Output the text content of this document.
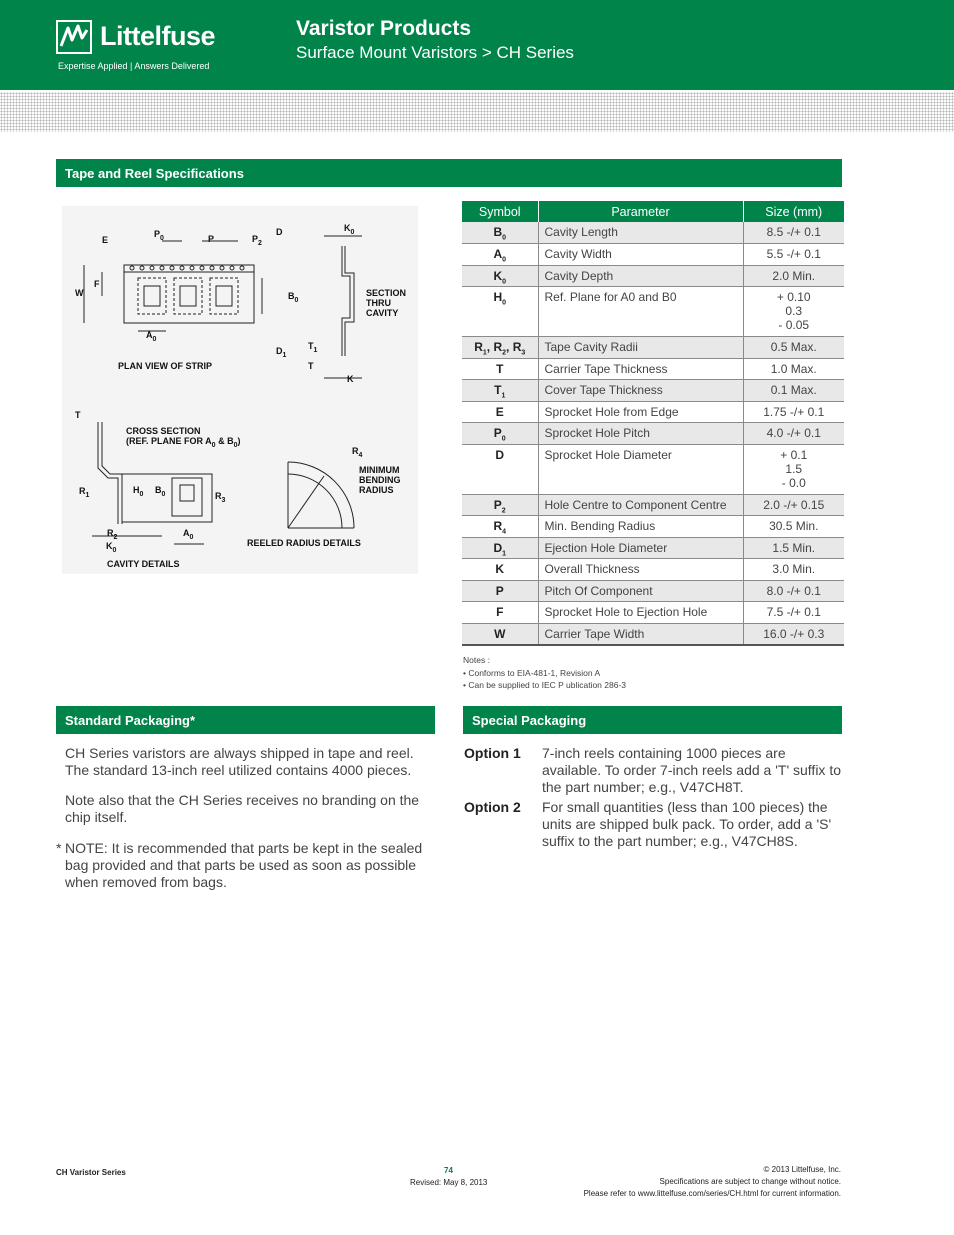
Littelfuse
Expertise Applied | Answers Delivered
Varistor Products
Surface Mount Varistors > CH Series
Tape and Reel Specifications
E
W
F
$P_0$	P	$P_2$
D
$B_0$
$A_0$
$D_1$
PLAN VIEW OF STRIP
$K_0$
SECTION
THRU
CAVITY
$T_1$
T
K
T
CROSS SECTION
(REF. PLANE FOR $A_0$ & $B_0$)
$R_1$
$H_0$ $B_0$	$R_3$
$R_2$
$K_0$
$A_0$
CAVITY DETAILS
$R_4$
MINIMUM
BENDING
RADIUS
REELED RADIUS DETAILS
Symbol	Parameter	Size (mm)
$B_0$	Cavity Length	8.5 -/+ 0.1
$A_0$	Cavity Width	5.5 -/+ 0.1
$K_0$	Cavity Depth	2.0 Min.
$H_0$	Ref. Plane for A0 and B0	+ 0.10
0.3
- 0.05

$R_1$, $R_2$, $R_3$	Tape Cavity Radii	0.5 Max.
T	Carrier Tape Thickness	1.0 Max.
$T_1$	Cover Tape Thickness	0.1 Max.
E	Sprocket Hole from Edge	1.75 -/+ 0.1
$P_0$	Sprocket Hole Pitch	4.0 -/+ 0.1
D	Sprocket Hole Diameter	+ 0.1
1.5
- 0.0

$P_2$	Hole Centre to Component Centre	2.0 -/+ 0.15
$R_4$	Min. Bending Radius	30.5 Min.
$D_1$	Ejection Hole Diameter	1.5 Min.
K	Overall Thickness	3.0 Min.
P	Pitch Of Component	8.0 -/+ 0.1
F	Sprocket Hole to Ejection Hole	7.5 -/+ 0.1
W	Carrier Tape Width	16.0 -/+ 0.3
Notes :
• Conforms to EIA-481-1, Revision A
• Can be supplied to IEC P ublication 286-3
Standard Packaging*
CH Series varistors are always shipped in tape and reel. The standard 13-inch reel utilized contains 4000 pieces.
Note also that the CH Series receives no branding on the chip itself.
* NOTE: It is recommended that parts be kept in the sealed bag provided and that parts be used as soon as possible when removed from bags.
Special Packaging
Option 1 7-inch reels containing 1000 pieces are available. To order 7-inch reels add a 'T' suffix to the part number; e.g., V47CH8T.
Option 2 For small quantities (less than 100 pieces) the units are shipped bulk pack. To order, add a 'S' suffix to the part number; e.g., V47CH8S.
CH Varistor Series	74
Revised: May 8, 2013
© 2013 Littelfuse, Inc.
Specifications are subject to change without notice.
Please refer to www.littelfuse.com/series/CH.html for current information.
